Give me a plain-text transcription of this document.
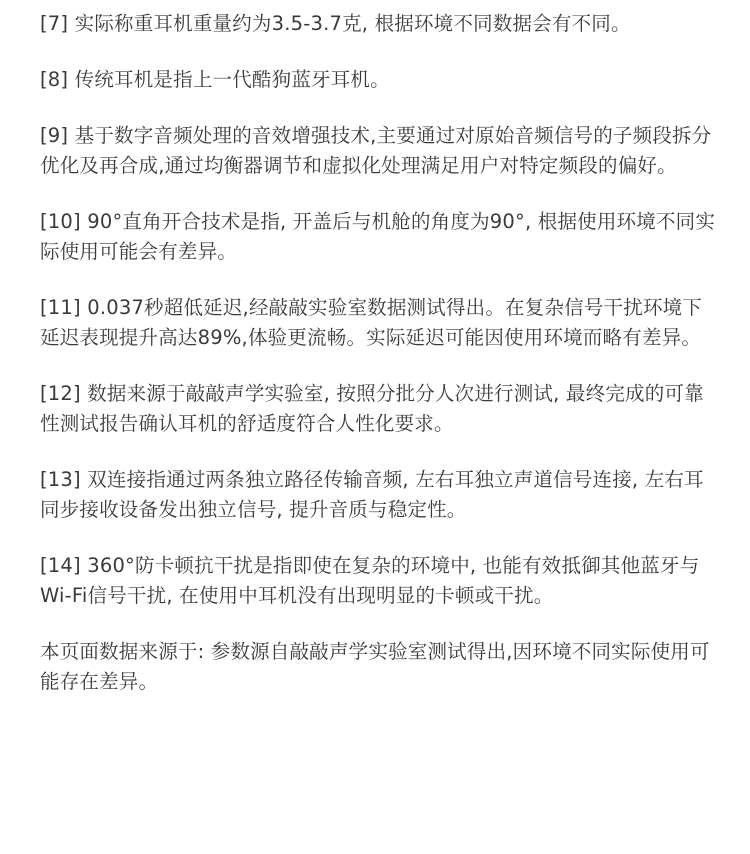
[7] 实际称重耳机重量约为3.5-3.7克, 根据环境不同数据会有不同。

[8] 传统耳机是指上一代酷狗蓝牙耳机。

[9] 基于数字音频处理的音效增强技术,主要通过对原始音频信号的子频段拆分优化及再合成,通过均衡器调节和虚拟化处理满足用户对特定频段的偏好。

[10] 90°直角开合技术是指, 开盖后与机舱的角度为90°, 根据使用环境不同实际使用可能会有差异。

[11] 0.037秒超低延迟,经敲敲实验室数据测试得出。在复杂信号干扰环境下延迟表现提升高达89%,体验更流畅。实际延迟可能因使用环境而略有差异。

[12] 数据来源于敲敲声学实验室, 按照分批分人次进行测试, 最终完成的可靠性测试报告确认耳机的舒适度符合人性化要求。

[13] 双连接指通过两条独立路径传输音频, 左右耳独立声道信号连接, 左右耳同步接收设备发出独立信号, 提升音质与稳定性。

[14] 360°防卡顿抗干扰是指即使在复杂的环境中, 也能有效抵御其他蓝牙与Wi-Fi信号干扰, 在使用中耳机没有出现明显的卡顿或干扰。

本页面数据来源于: 参数源自敲敲声学实验室测试得出,因环境不同实际使用可能存在差异。
